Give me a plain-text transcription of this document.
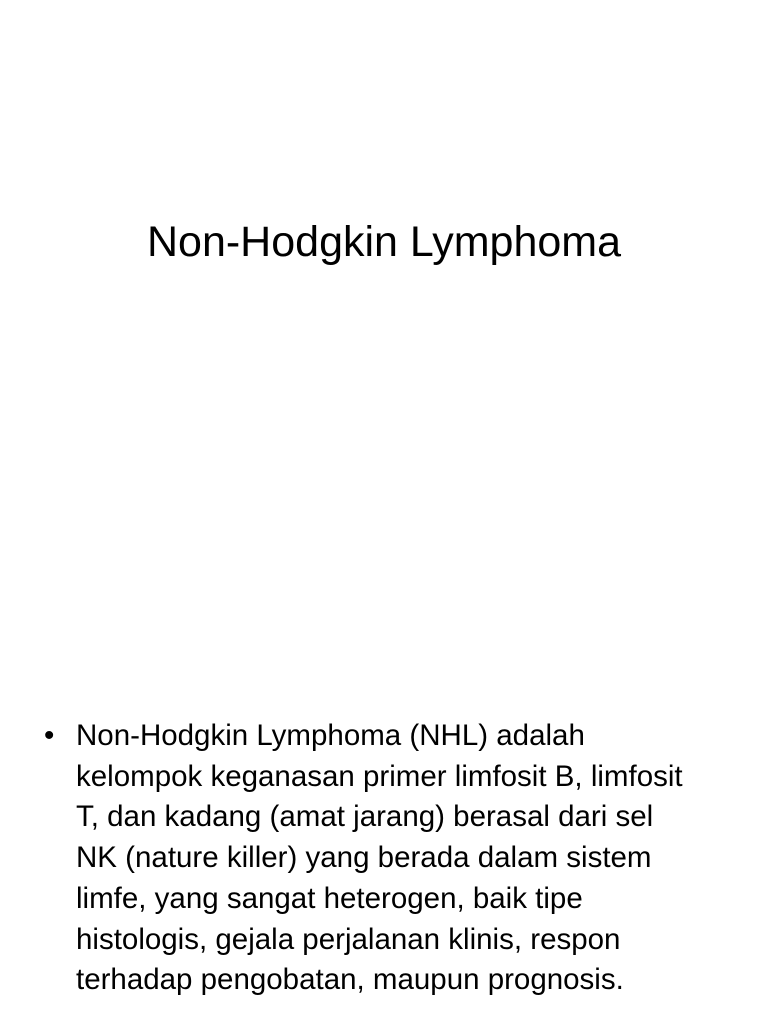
Non-Hodgkin Lymphoma
• Non-Hodgkin Lymphoma (NHL) adalah kelompok keganasan primer limfosit B, limfosit T, dan kadang (amat jarang) berasal dari sel NK (nature killer) yang berada dalam sistem limfe, yang sangat heterogen, baik tipe histologis, gejala perjalanan klinis, respon terhadap pengobatan, maupun prognosis.
